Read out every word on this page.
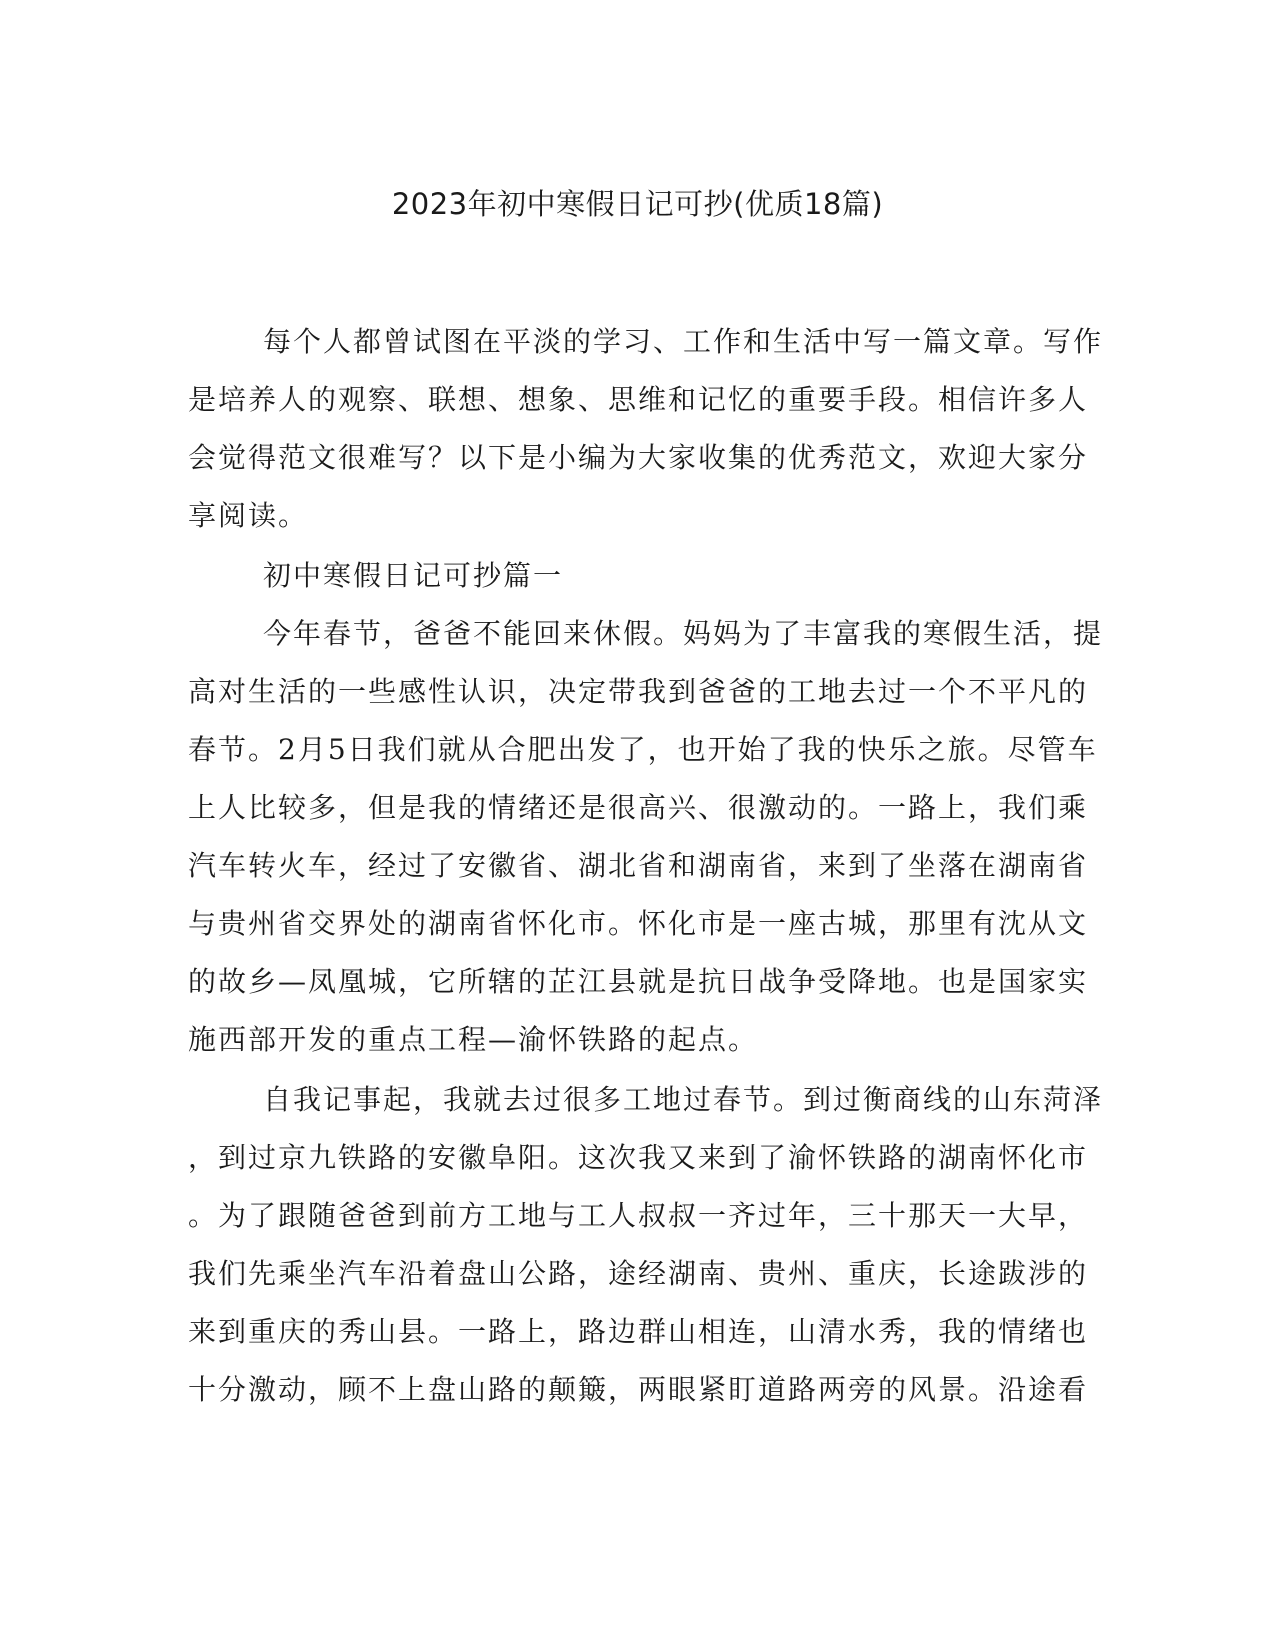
2023年初中寒假日记可抄(优质18篇)

每个人都曾试图在平淡的学习、工作和生活中写一篇文章。写作

是培养人的观察、联想、想象、思维和记忆的重要手段。相信许多人

会觉得范文很难写？以下是小编为大家收集的优秀范文，欢迎大家分

享阅读。

初中寒假日记可抄篇一

今年春节，爸爸不能回来休假。妈妈为了丰富我的寒假生活，提

高对生活的一些感性认识，决定带我到爸爸的工地去过一个不平凡的

春节。2月5日我们就从合肥出发了，也开始了我的快乐之旅。尽管车

上人比较多，但是我的情绪还是很高兴、很激动的。一路上，我们乘

汽车转火车，经过了安徽省、湖北省和湖南省，来到了坐落在湖南省

与贵州省交界处的湖南省怀化市。怀化市是一座古城，那里有沈从文

的故乡—凤凰城，它所辖的芷江县就是抗日战争受降地。也是国家实

施西部开发的重点工程—渝怀铁路的起点。

自我记事起，我就去过很多工地过春节。到过衡商线的山东菏泽

，到过京九铁路的安徽阜阳。这次我又来到了渝怀铁路的湖南怀化市

。为了跟随爸爸到前方工地与工人叔叔一齐过年，三十那天一大早，

我们先乘坐汽车沿着盘山公路，途经湖南、贵州、重庆，长途跋涉的

来到重庆的秀山县。一路上，路边群山相连，山清水秀，我的情绪也

十分激动，顾不上盘山路的颠簸，两眼紧盯道路两旁的风景。沿途看
